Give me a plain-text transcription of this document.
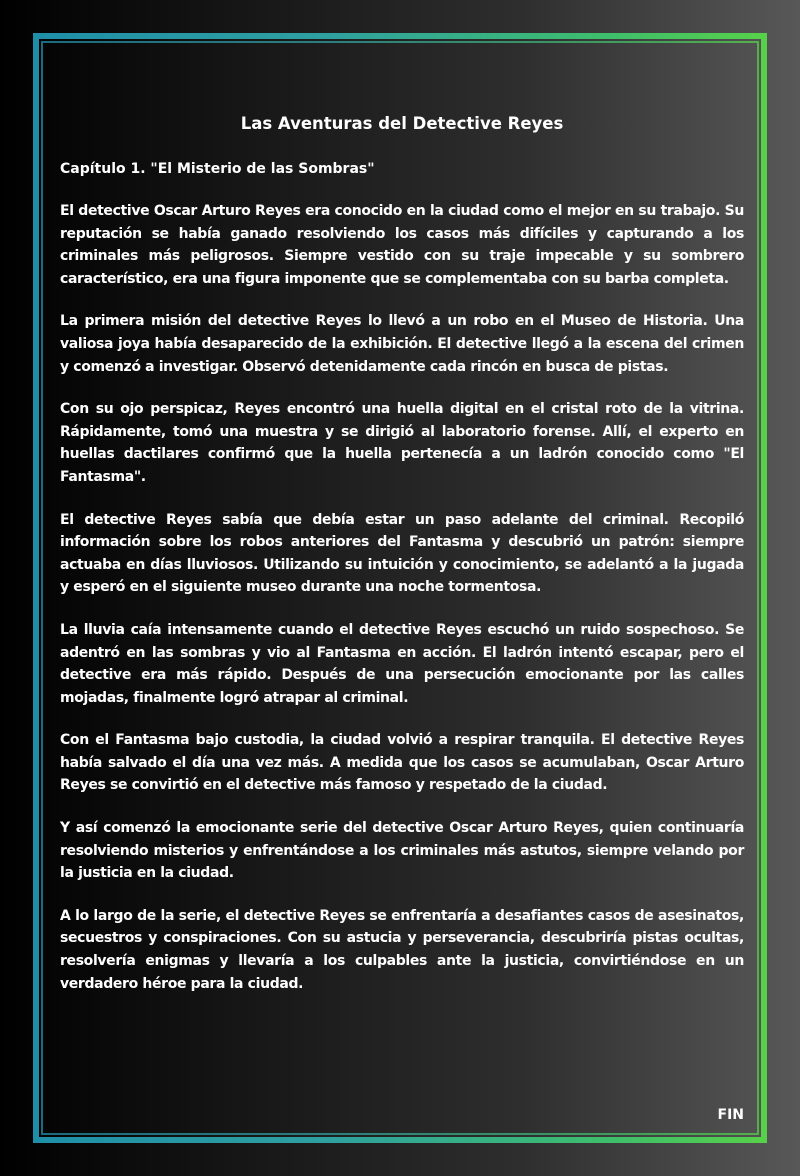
Las Aventuras del Detective Reyes

Capítulo 1. "El Misterio de las Sombras"

El detective Oscar Arturo Reyes era conocido en la ciudad como el mejor en su trabajo. Su reputación se había ganado resolviendo los casos más difíciles y capturando a los criminales más peligrosos. Siempre vestido con su traje impecable y su sombrero característico, era una figura imponente que se complementaba con su barba completa.

La primera misión del detective Reyes lo llevó a un robo en el Museo de Historia. Una valiosa joya había desaparecido de la exhibición. El detective llegó a la escena del crimen y comenzó a investigar. Observó detenidamente cada rincón en busca de pistas.

Con su ojo perspicaz, Reyes encontró una huella digital en el cristal roto de la vitrina. Rápidamente, tomó una muestra y se dirigió al laboratorio forense. Allí, el experto en huellas dactilares confirmó que la huella pertenecía a un ladrón conocido como "El Fantasma".

El detective Reyes sabía que debía estar un paso adelante del criminal. Recopiló información sobre los robos anteriores del Fantasma y descubrió un patrón: siempre actuaba en días lluviosos. Utilizando su intuición y conocimiento, se adelantó a la jugada y esperó en el siguiente museo durante una noche tormentosa.

La lluvia caía intensamente cuando el detective Reyes escuchó un ruido sospechoso. Se adentró en las sombras y vio al Fantasma en acción. El ladrón intentó escapar, pero el detective era más rápido. Después de una persecución emocionante por las calles mojadas, finalmente logró atrapar al criminal.

Con el Fantasma bajo custodia, la ciudad volvió a respirar tranquila. El detective Reyes había salvado el día una vez más. A medida que los casos se acumulaban, Oscar Arturo Reyes se convirtió en el detective más famoso y respetado de la ciudad.

Y así comenzó la emocionante serie del detective Oscar Arturo Reyes, quien continuaría resolviendo misterios y enfrentándose a los criminales más astutos, siempre velando por la justicia en la ciudad.

A lo largo de la serie, el detective Reyes se enfrentaría a desafiantes casos de asesinatos, secuestros y conspiraciones. Con su astucia y perseverancia, descubriría pistas ocultas, resolvería enigmas y llevaría a los culpables ante la justicia, convirtiéndose en un verdadero héroe para la ciudad.

FIN
